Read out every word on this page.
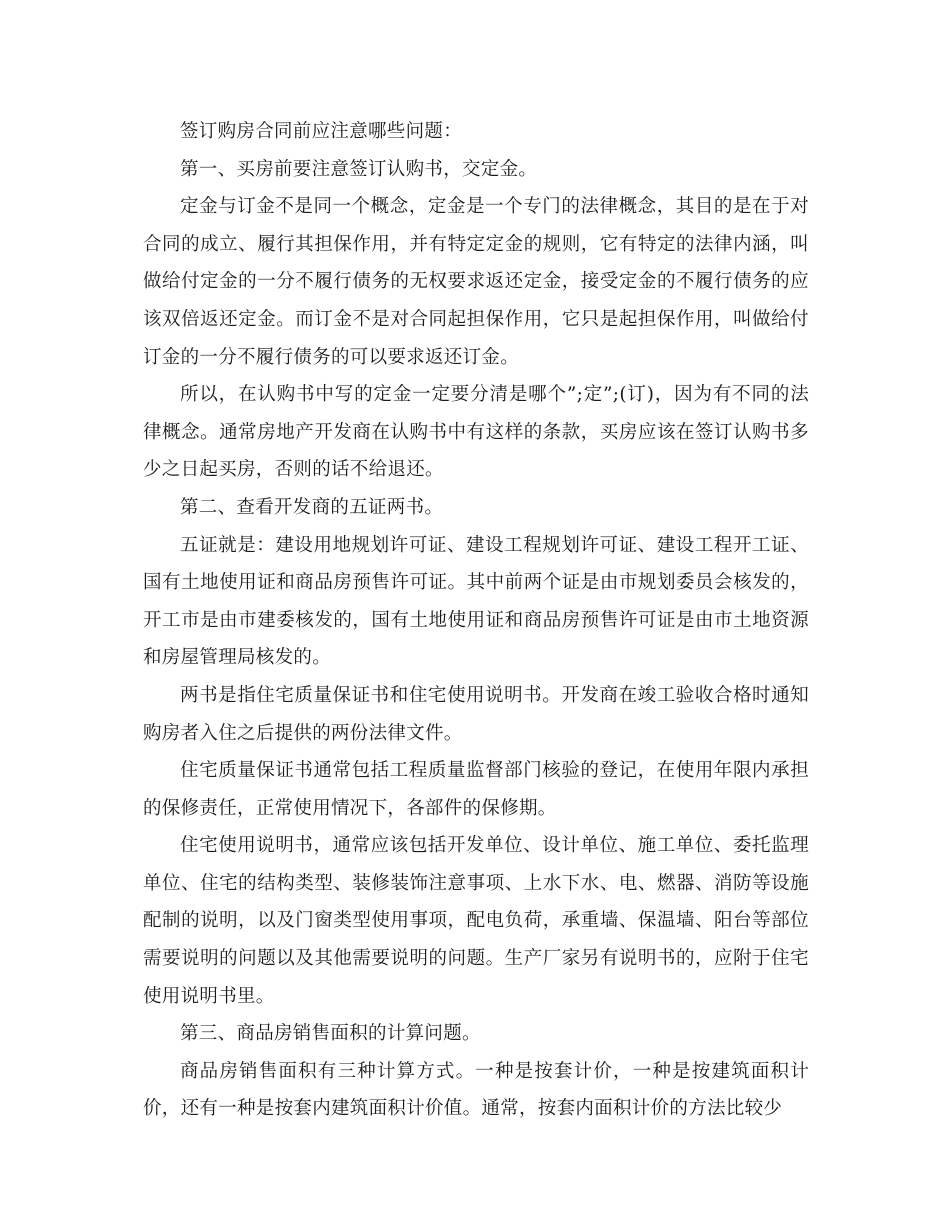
签订购房合同前应注意哪些问题：

第一、买房前要注意签订认购书，交定金。

定金与订金不是同一个概念，定金是一个专门的法律概念，其目的是在于对合同的成立、履行其担保作用，并有特定定金的规则，它有特定的法律内涵，叫做给付定金的一分不履行债务的无权要求返还定金，接受定金的不履行债务的应该双倍返还定金。而订金不是对合同起担保作用，它只是起担保作用，叫做给付订金的一分不履行债务的可以要求返还订金。

所以，在认购书中写的定金一定要分清是哪个”;定”;(订)，因为有不同的法律概念。通常房地产开发商在认购书中有这样的条款，买房应该在签订认购书多少之日起买房，否则的话不给退还。

第二、查看开发商的五证两书。

五证就是：建设用地规划许可证、建设工程规划许可证、建设工程开工证、国有土地使用证和商品房预售许可证。其中前两个证是由市规划委员会核发的，开工市是由市建委核发的，国有土地使用证和商品房预售许可证是由市土地资源和房屋管理局核发的。

两书是指住宅质量保证书和住宅使用说明书。开发商在竣工验收合格时通知购房者入住之后提供的两份法律文件。

住宅质量保证书通常包括工程质量监督部门核验的登记，在使用年限内承担的保修责任，正常使用情况下，各部件的保修期。

住宅使用说明书，通常应该包括开发单位、设计单位、施工单位、委托监理单位、住宅的结构类型、装修装饰注意事项、上水下水、电、燃器、消防等设施配制的说明，以及门窗类型使用事项，配电负荷，承重墙、保温墙、阳台等部位需要说明的问题以及其他需要说明的问题。生产厂家另有说明书的，应附于住宅使用说明书里。

第三、商品房销售面积的计算问题。

商品房销售面积有三种计算方式。一种是按套计价，一种是按建筑面积计价，还有一种是按套内建筑面积计价值。通常，按套内面积计价的方法比较少
